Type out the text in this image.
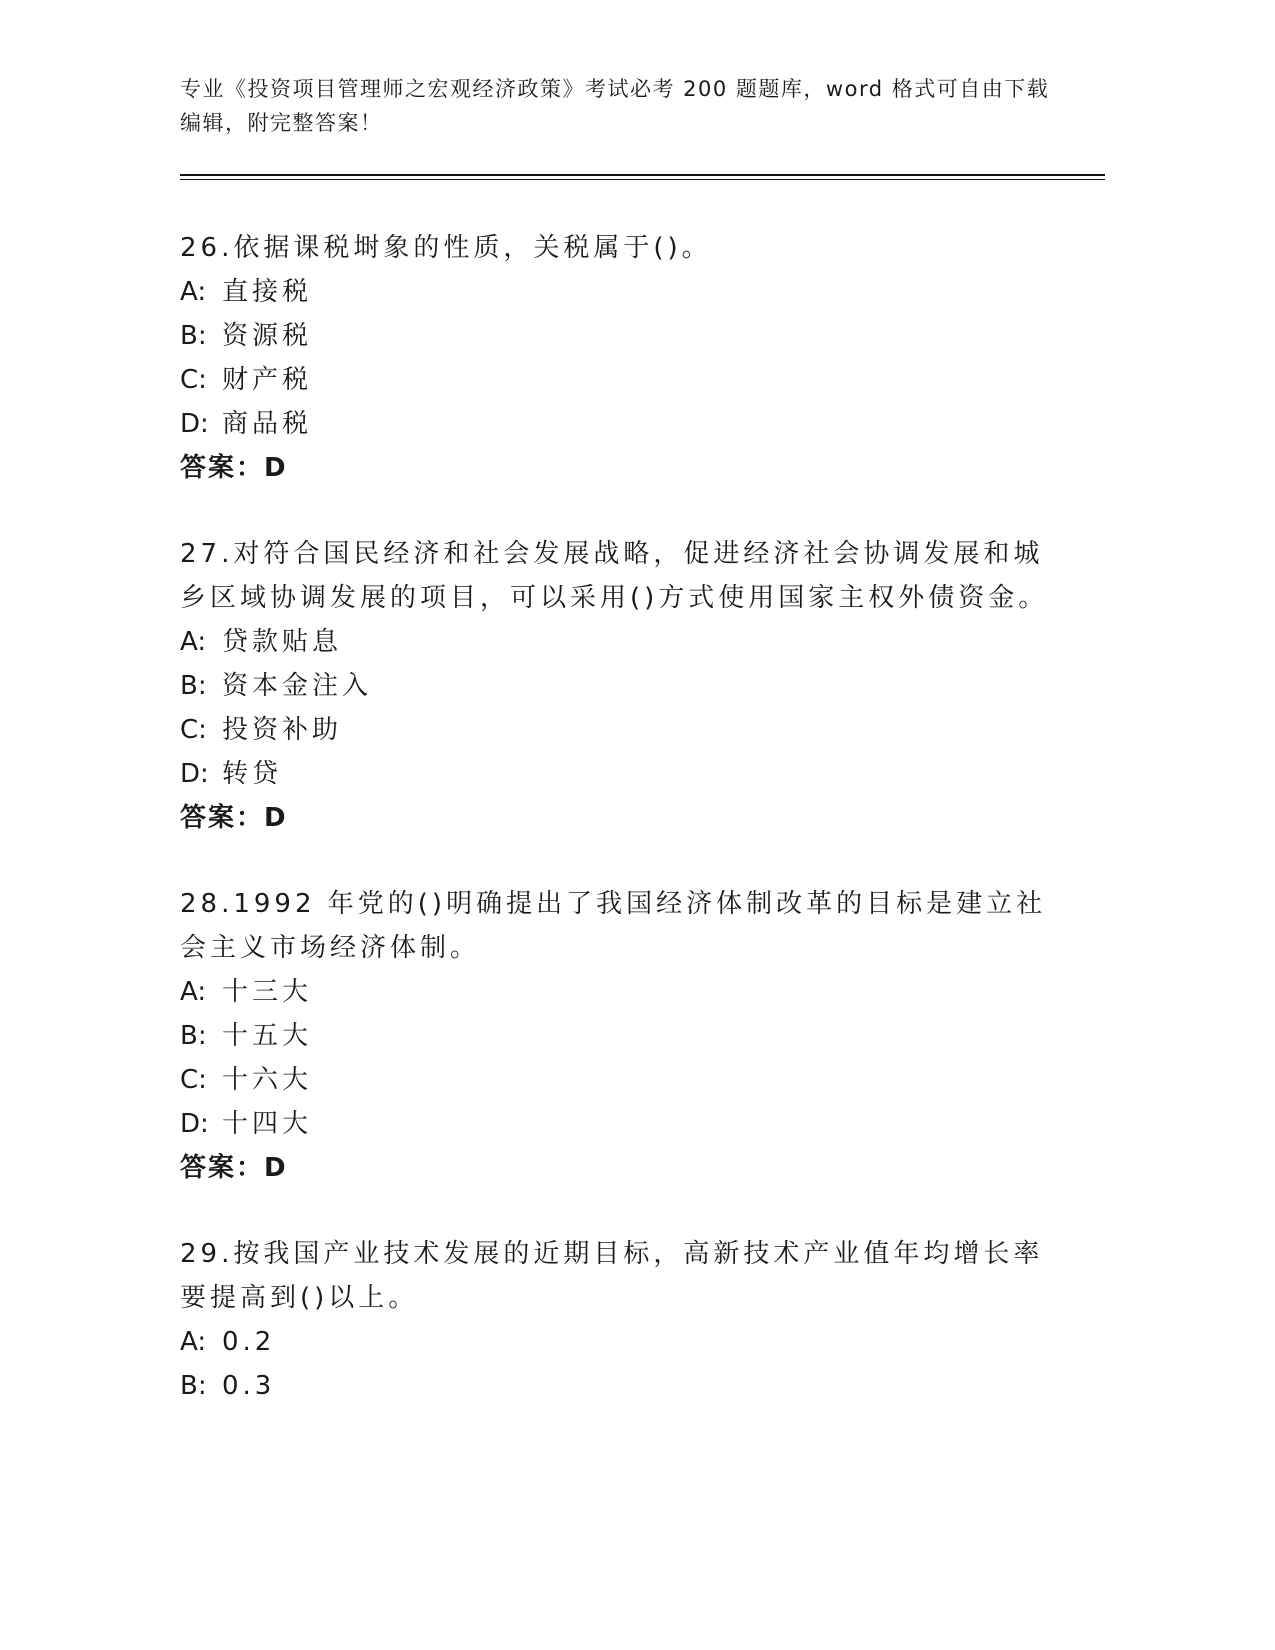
专业《投资项目管理师之宏观经济政策》考试必考 200 题题库，word 格式可自由下载编辑，附完整答案！
26.依据课税埘象的性质，关税属于()。
A: 直接税
B: 资源税
C: 财产税
D: 商品税
答案：D
27.对符合国民经济和社会发展战略，促进经济社会协调发展和城乡区域协调发展的项目，可以采用()方式使用国家主权外债资金。
A: 贷款贴息
B: 资本金注入
C: 投资补助
D: 转贷
答案：D
28.1992 年党的()明确提出了我国经济体制改革的目标是建立社会主义市场经济体制。
A: 十三大
B: 十五大
C: 十六大
D: 十四大
答案：D
29.按我国产业技术发展的近期目标，高新技术产业值年均增长率要提高到()以上。
A: 0.2
B: 0.3
